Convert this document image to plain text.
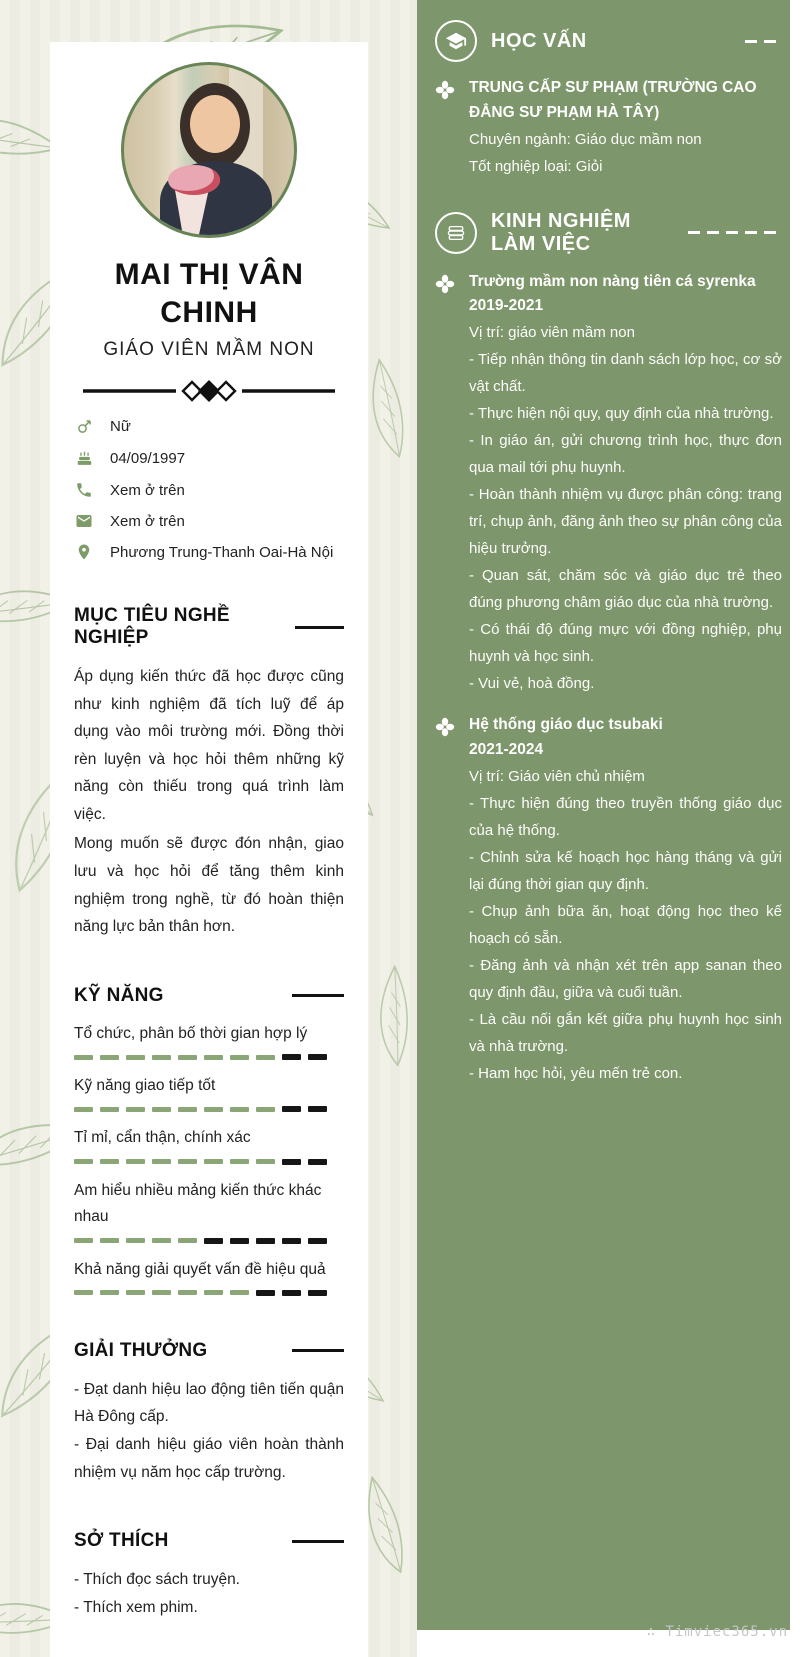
HỌC VẤN
TRUNG CẤP SƯ PHẠM (TRƯỜNG CAO ĐẲNG SƯ PHẠM HÀ TÂY)

Chuyên ngành: Giáo dục mầm non

Tốt nghiệp loại: Giỏi

KINH NGHIỆM LÀM VIỆC
Trường mầm non nàng tiên cá syrenka
2019-2021

Vị trí: giáo viên mầm non

- Tiếp nhận thông tin danh sách lớp học, cơ sở vật chất.

- Thực hiện nội quy, quy định của nhà trường.

- In giáo án, gửi chương trình học, thực đơn qua mail tới phụ huynh.

- Hoàn thành nhiệm vụ được phân công: trang trí, chụp ảnh, đăng ảnh theo sự phân công của hiệu trưởng.

- Quan sát, chăm sóc và giáo dục trẻ theo đúng phương châm giáo dục của nhà trường.

- Có thái độ đúng mực với đồng nghiệp, phụ huynh và học sinh.

- Vui vẻ, hoà đồng.

Hệ thống giáo dục tsubaki
2021-2024

Vị trí: Giáo viên chủ nhiệm

- Thực hiện đúng theo truyền thống giáo dục của hệ thống.

- Chỉnh sửa kế hoạch học hàng tháng và gửi lại đúng thời gian quy định.

- Chụp ảnh bữa ăn, hoạt động học theo kế hoạch có sẵn.

- Đăng ảnh và nhận xét trên app sanan theo quy định đầu, giữa và cuối tuần.

- Là cầu nối gắn kết giữa phụ huynh học sinh và nhà trường.

- Ham học hỏi, yêu mến trẻ con.

MAI THỊ VÂN
CHINH
GIÁO VIÊN MẦM NON
Nữ
04/09/1997
Xem ở trên
Xem ở trên
Phương Trung-Thanh Oai-Hà Nội
MỤC TIÊU NGHỀ NGHIỆP

Áp dụng kiến thức đã học được cũng như kinh nghiệm đã tích luỹ để áp dụng vào môi trường mới. Đồng thời rèn luyện và học hỏi thêm những kỹ năng còn thiếu trong quá trình làm việc.

Mong muốn sẽ được đón nhận, giao lưu và học hỏi để tăng thêm kinh nghiệm trong nghề, từ đó hoàn thiện năng lực bản thân hơn.

KỸ NĂNG
Tổ chức, phân bố thời gian hợp lý
Kỹ năng giao tiếp tốt
Tỉ mỉ, cẩn thận, chính xác
Am hiểu nhiều mảng kiến thức khác nhau
Khả năng giải quyết vấn đề hiệu quả
GIẢI THƯỞNG

- Đạt danh hiệu lao động tiên tiến quận Hà Đông cấp.

- Đại danh hiệu giáo viên hoàn thành nhiệm vụ năm học cấp trường.

SỞ THÍCH

- Thích đọc sách truyện.

- Thích xem phim.

∴ Timviec365.vn
